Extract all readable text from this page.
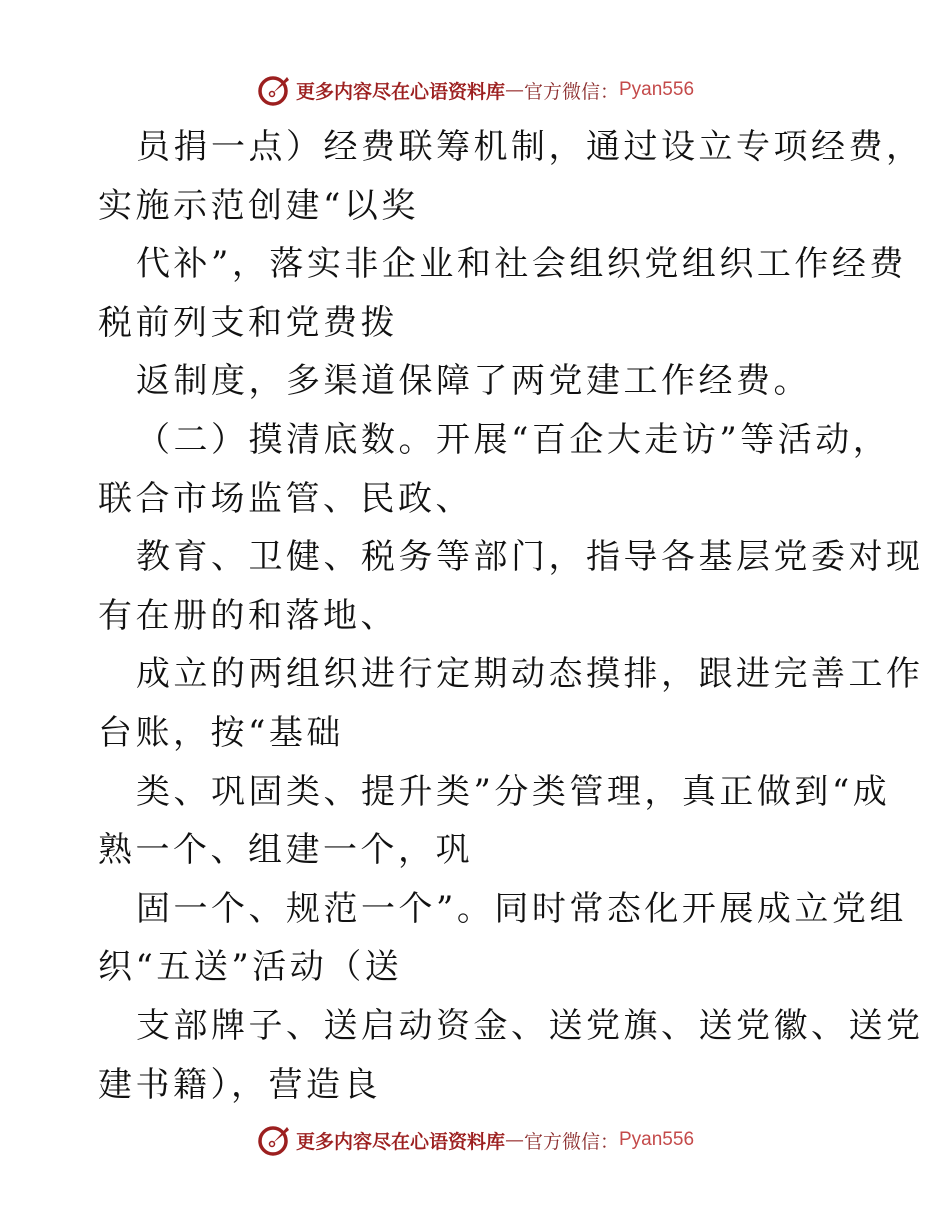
更多内容尽在心语资料库 — 官方微信： Pyan556
员捐一点）经费联筹机制，通过设立专项经费，
实施示范创建“以奖
代补”，落实非企业和社会组织党组织工作经费
税前列支和党费拨
返制度，多渠道保障了两党建工作经费。
（二）摸清底数。开展“百企大走访”等活动，
联合市场监管、民政、
教育、卫健、税务等部门，指导各基层党委对现
有在册的和落地、
成立的两组织进行定期动态摸排，跟进完善工作
台账，按“基础
类、巩固类、提升类”分类管理，真正做到“成
熟一个、组建一个，巩
固一个、规范一个”。同时常态化开展成立党组
织“五送”活动（送
支部牌子、送启动资金、送党旗、送党徽、送党
建书籍），营造良
更多内容尽在心语资料库 — 官方微信： Pyan556
